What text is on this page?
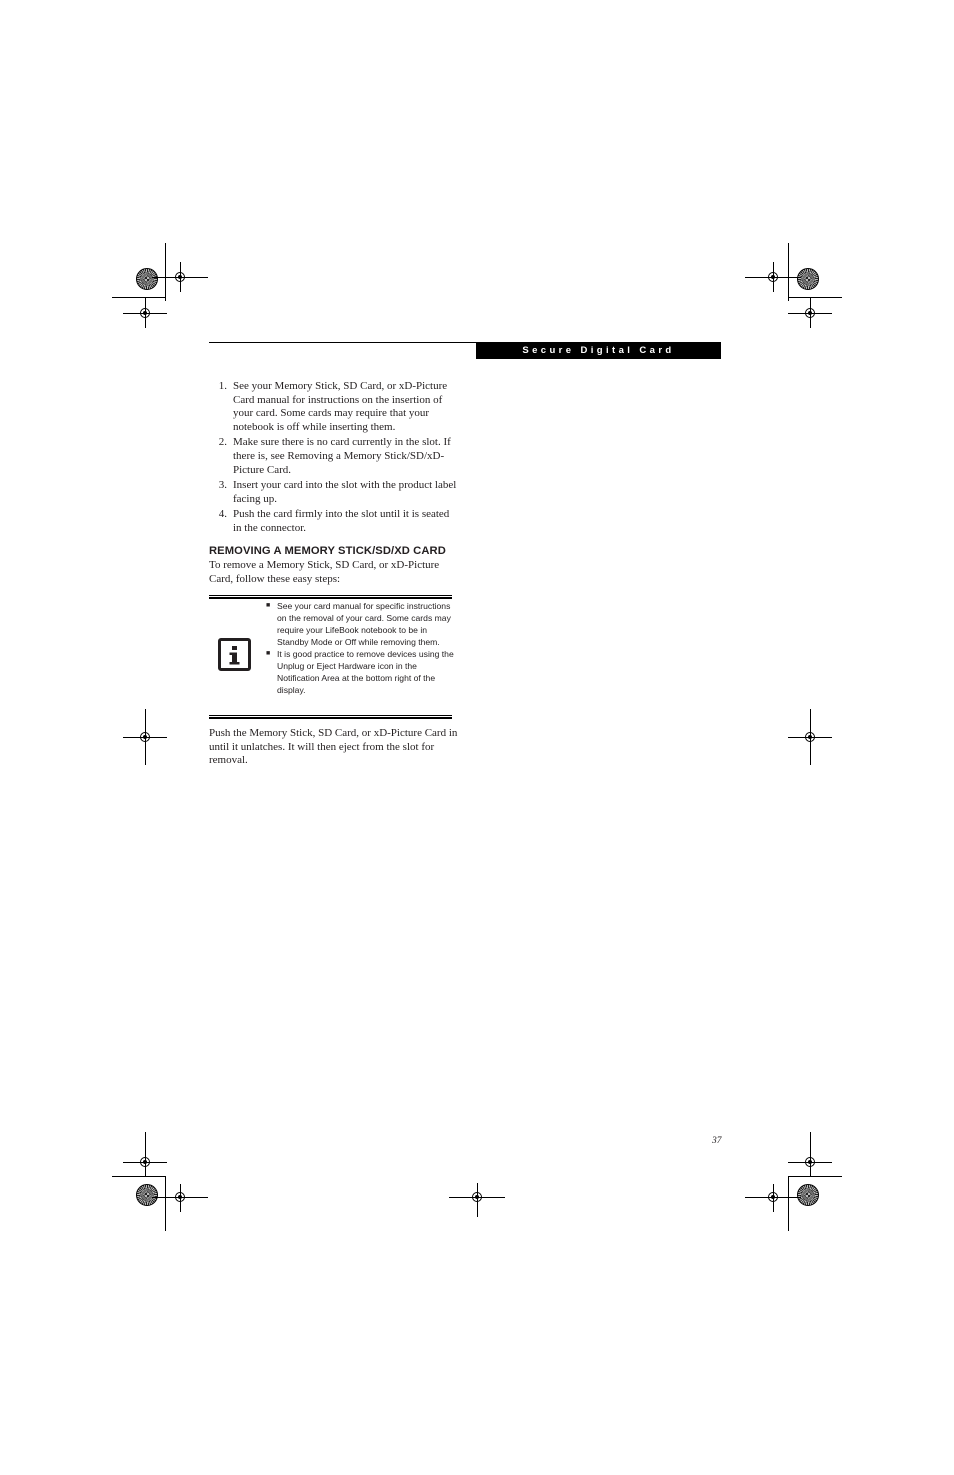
Secure Digital Card
1. See your Memory Stick, SD Card, or xD-Picture Card manual for instructions on the insertion of your card. Some cards may require that your notebook is off while inserting them.
2. Make sure there is no card currently in the slot. If there is, see Removing a Memory Stick/SD/xD-Picture Card.
3. Insert your card into the slot with the product label facing up.
4. Push the card firmly into the slot until it is seated in the connector.
REMOVING A MEMORY STICK/SD/XD CARD
To remove a Memory Stick, SD Card, or xD-Picture Card, follow these easy steps:
■ See your card manual for specific instructions on the removal of your card. Some cards may require your LifeBook notebook to be in Standby Mode or Off while removing them.
■ It is good practice to remove devices using the Unplug or Eject Hardware icon in the Notification Area at the bottom right of the display.
Push the Memory Stick, SD Card, or xD-Picture Card in until it unlatches. It will then eject from the slot for removal.
37
